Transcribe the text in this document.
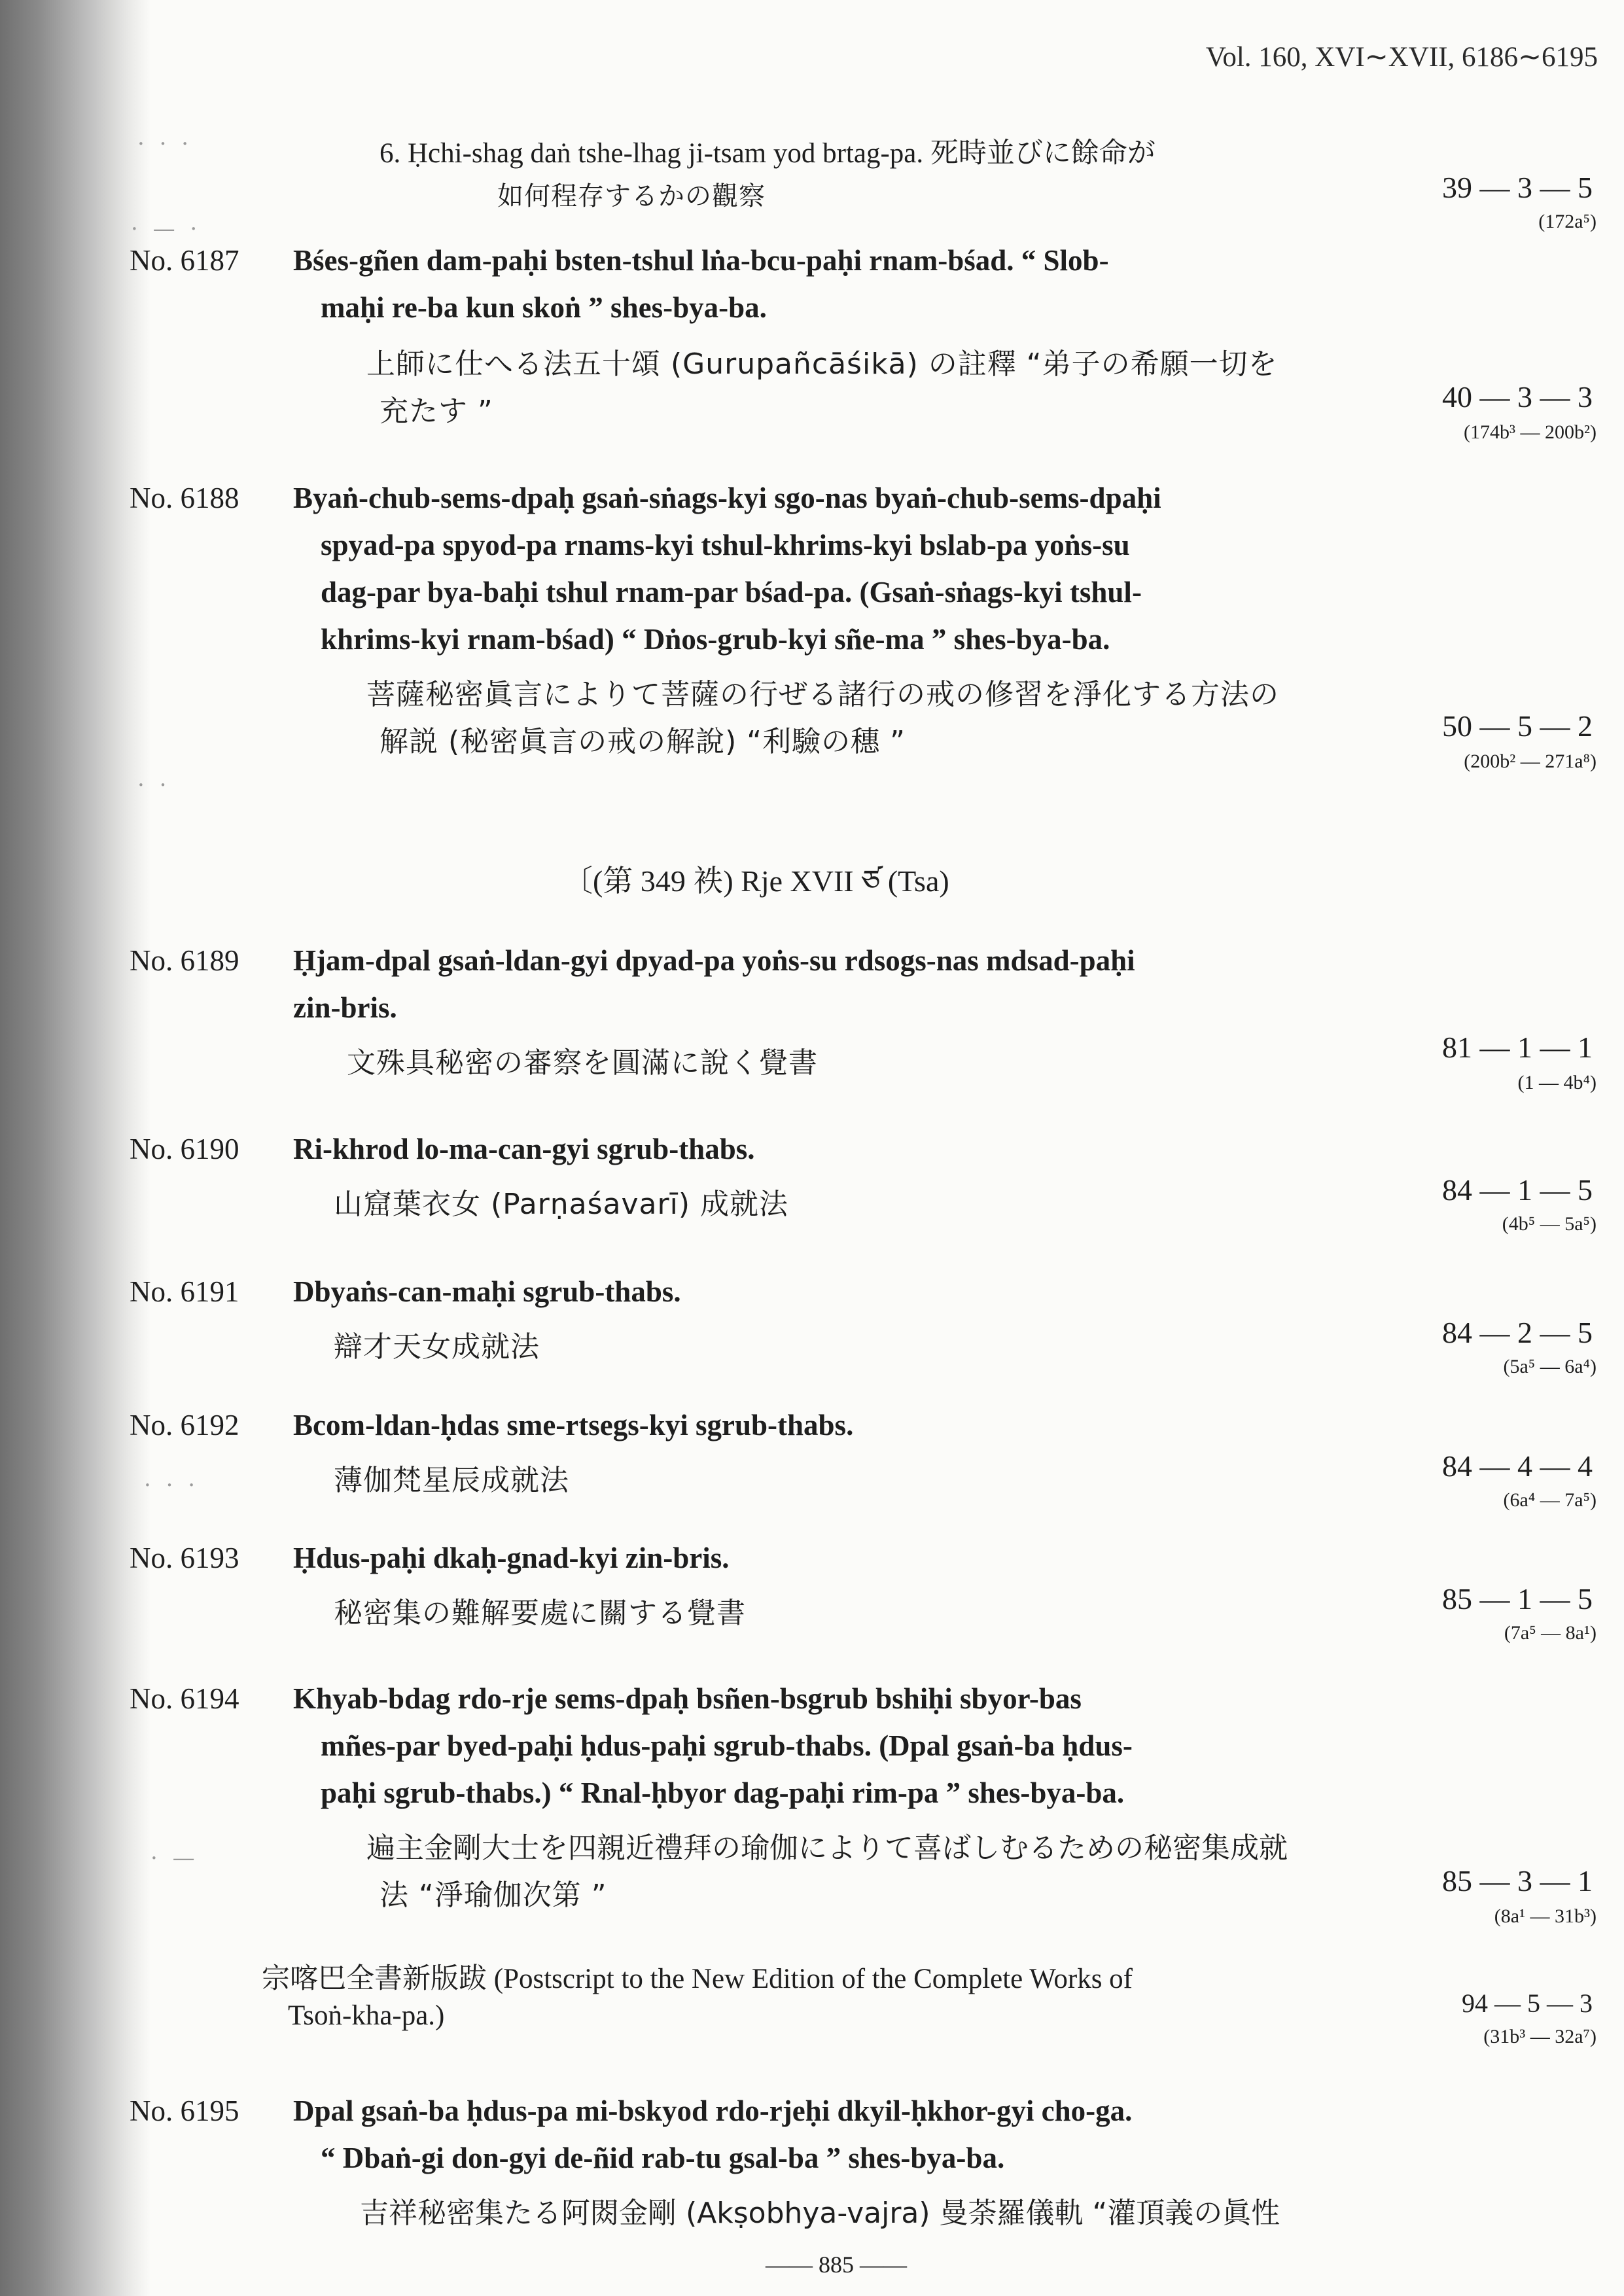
· · ·
· — ·
· ·
· · ·
· —
Vol. 160, XVI∼XVII, 6186∼6195
6. Ḥchi-shag daṅ tshe-lhag ji-tsam yod brtag-pa. 死時並びに餘命が
如何程存するかの觀察	39 — 3 — 5
(172a⁵)
No. 6187 Bśes-gñen dam-paḥi bsten-tshul lṅa-bcu-paḥi rnam-bśad. “ Slob-
maḥi re-ba kun skoṅ ” shes-bya-ba.
上師に仕へる法五十頌 (Gurupañcāśikā) の註釋 “弟子の希願一切を
充たす ”	40 — 3 — 3
(174b³ — 200b²)
No. 6188 Byaṅ-chub-sems-dpaḥ gsaṅ-sṅags-kyi sgo-nas byaṅ-chub-sems-dpaḥi
spyad-pa spyod-pa rnams-kyi tshul-khrims-kyi bslab-pa yoṅs-su
dag-par bya-baḥi tshul rnam-par bśad-pa. (Gsaṅ-sṅags-kyi tshul-
khrims-kyi rnam-bśad) “ Dṅos-grub-kyi sñe-ma ” shes-bya-ba.
菩薩秘密眞言によりて菩薩の行ぜる諸行の戒の修習を淨化する方法の
解説 (秘密眞言の戒の解說) “利驗の穗 ”	50 — 5 — 2
(200b² — 271a⁸)
〔(第 349 袟) Rje XVII ཙ (Tsa)
No. 6189 Ḥjam-dpal gsaṅ-ldan-gyi dpyad-pa yoṅs-su rdsogs-nas mdsad-paḥi
zin-bris.
文殊具秘密の審察を圓滿に說く覺書	81 — 1 — 1
(1 — 4b⁴)
No. 6190 Ri-khrod lo-ma-can-gyi sgrub-thabs.
山窟葉衣女 (Parṇaśavarī) 成就法	84 — 1 — 5
(4b⁵ — 5a⁵)
No. 6191 Dbyaṅs-can-maḥi sgrub-thabs.
辯才天女成就法	84 — 2 — 5
(5a⁵ — 6a⁴)
No. 6192 Bcom-ldan-ḥdas sme-rtsegs-kyi sgrub-thabs.
薄伽梵星辰成就法	84 — 4 — 4
(6a⁴ — 7a⁵)
No. 6193 Ḥdus-paḥi dkaḥ-gnad-kyi zin-bris.
秘密集の難解要處に關する覺書	85 — 1 — 5
(7a⁵ — 8a¹)
No. 6194 Khyab-bdag rdo-rje sems-dpaḥ bsñen-bsgrub bshiḥi sbyor-bas
mñes-par byed-paḥi ḥdus-paḥi sgrub-thabs. (Dpal gsaṅ-ba ḥdus-
paḥi sgrub-thabs.) “ Rnal-ḥbyor dag-paḥi rim-pa ” shes-bya-ba.
遍主金剛大士を四親近禮拜の瑜伽によりて喜ばしむるための秘密集成就
法 “淨瑜伽次第 ”	85 — 3 — 1
(8a¹ — 31b³)
宗喀巴全書新版跋 (Postscript to the New Edition of the Complete Works of
Tsoṅ-kha-pa.)	94 — 5 — 3
(31b³ — 32a⁷)
No. 6195 Dpal gsaṅ-ba ḥdus-pa mi-bskyod rdo-rjeḥi dkyil-ḥkhor-gyi cho-ga.
“ Dbaṅ-gi don-gyi de-ñid rab-tu gsal-ba ” shes-bya-ba.
吉祥秘密集たる阿閦金剛 (Akṣobhya-vajra) 曼荼羅儀軌 “灌頂義の眞性
—— 885 ——
